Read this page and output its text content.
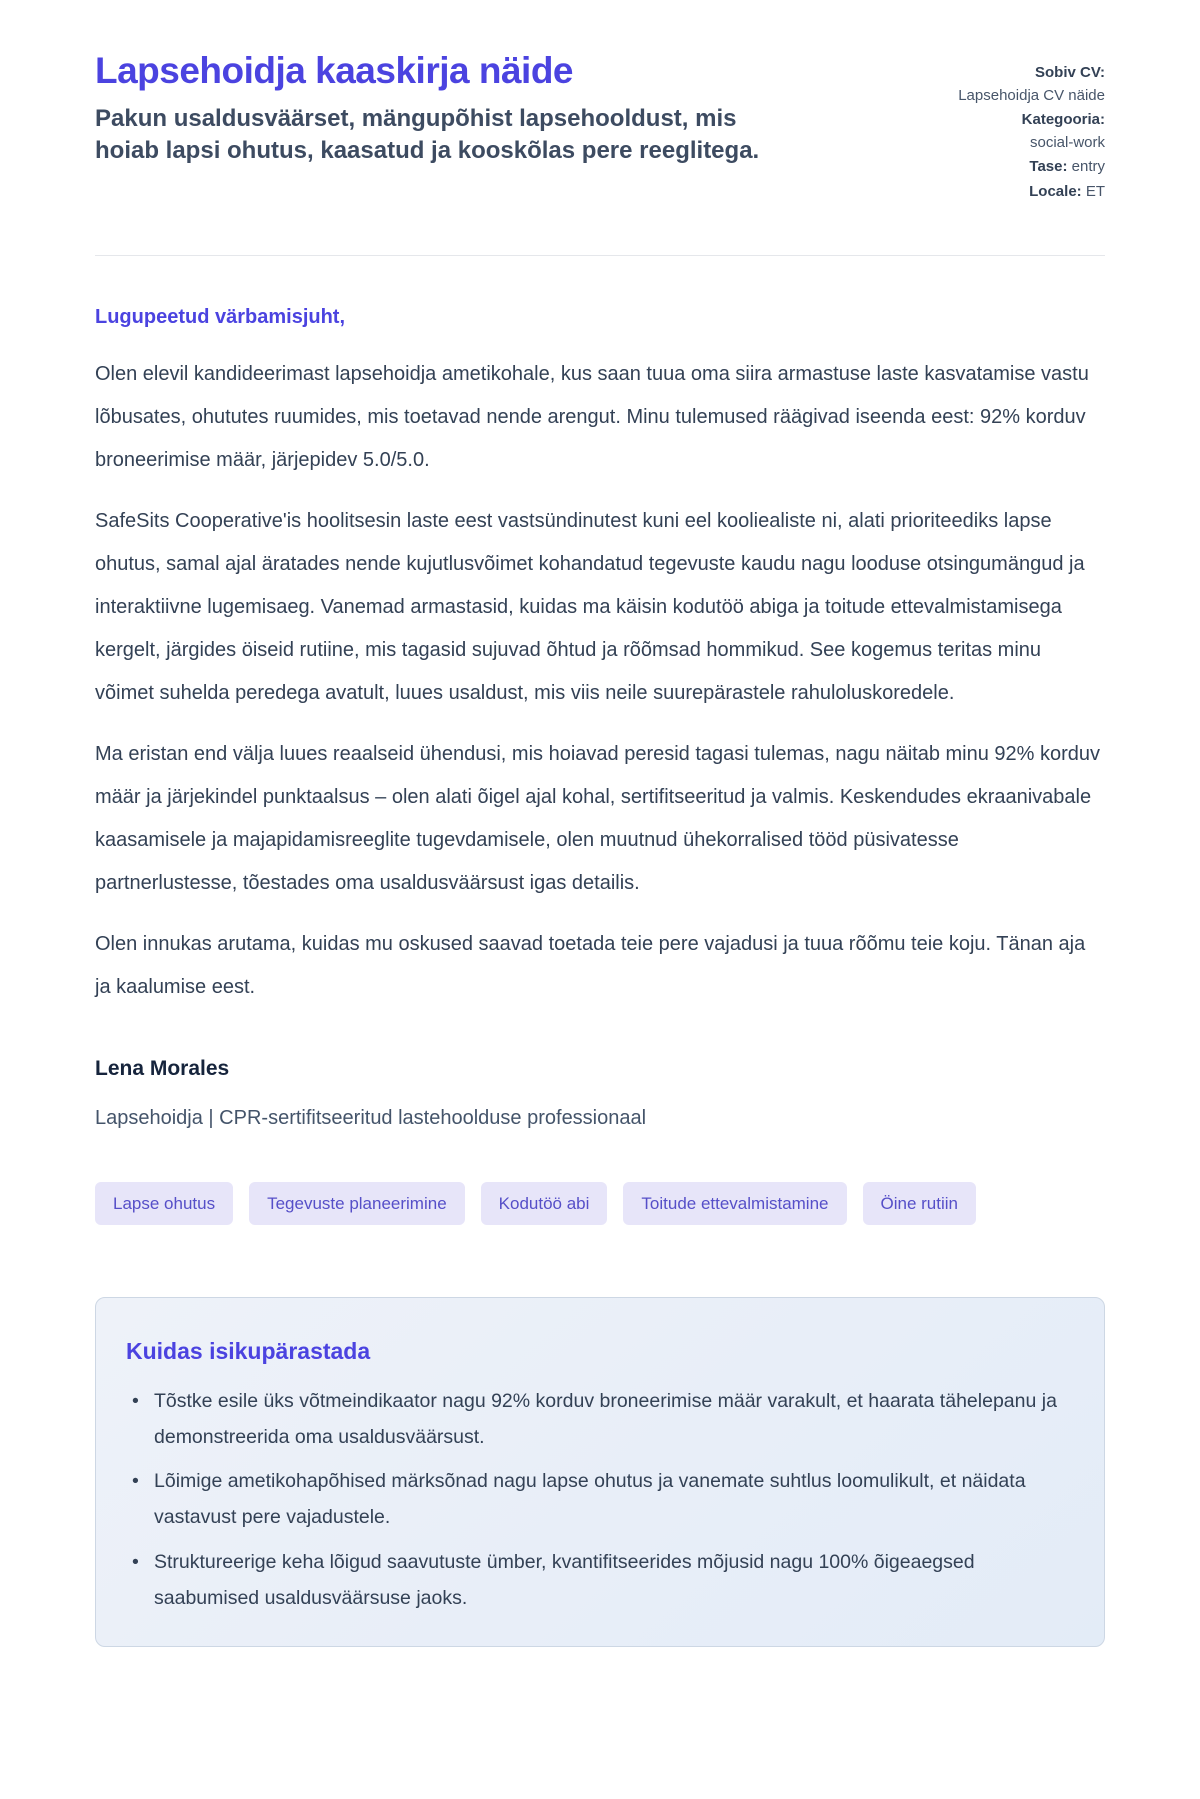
Lapsehoidja kaaskirja näide

Pakun usaldusväärset, mängupõhist lapsehooldust, mis hoiab lapsi ohutus, kaasatud ja kooskõlas pere reeglitega.

Sobiv CV:
Lapsehoidja CV näide
Kategooria:
social-work
Tase: entry
Locale: ET

Lugupeetud värbamisjuht,

Olen elevil kandideerimast lapsehoidja ametikohale, kus saan tuua oma siira armastuse laste kasvatamise vastu lõbusates, ohututes ruumides, mis toetavad nende arengut. Minu tulemused räägivad iseenda eest: 92% korduv broneerimise määr, järjepidev 5.0/5.0.

SafeSits Cooperative'is hoolitsesin laste eest vastsündinutest kuni eel kooliealiste ni, alati prioriteediks lapse ohutus, samal ajal äratades nende kujutlusvõimet kohandatud tegevuste kaudu nagu looduse otsingumängud ja interaktiivne lugemisaeg. Vanemad armastasid, kuidas ma käisin kodutöö abiga ja toitude ettevalmistamisega kergelt, järgides öiseid rutiine, mis tagasid sujuvad õhtud ja rõõmsad hommikud. See kogemus teritas minu võimet suhelda peredega avatult, luues usaldust, mis viis neile suurepärastele rahuloluskoredele.

Ma eristan end välja luues reaalseid ühendusi, mis hoiavad peresid tagasi tulemas, nagu näitab minu 92% korduv määr ja järjekindel punktaalsus – olen alati õigel ajal kohal, sertifitseeritud ja valmis. Keskendudes ekraanivabale kaasamisele ja majapidamisreeglite tugevdamisele, olen muutnud ühekorralised tööd püsivatesse partnerlustesse, tõestades oma usaldusväärsust igas detailis.

Olen innukas arutama, kuidas mu oskused saavad toetada teie pere vajadusi ja tuua rõõmu teie koju. Tänan aja ja kaalumise eest.

Lena Morales

Lapsehoidja | CPR-sertifitseeritud lastehoolduse professionaal

Lapse ohutus	Tegevuste planeerimine	Kodutöö abi	Toitude ettevalmistamine	Öine rutiin
Kuidas isikupärastada
• Tõstke esile üks võtmeindikaator nagu 92% korduv broneerimise määr varakult, et haarata tähelepanu ja demonstreerida oma usaldusväärsust.
• Lõimige ametikohapõhised märksõnad nagu lapse ohutus ja vanemate suhtlus loomulikult, et näidata vastavust pere vajadustele.
• Struktureerige keha lõigud saavutuste ümber, kvantifitseerides mõjusid nagu 100% õigeaegsed saabumised usaldusväärsuse jaoks.
